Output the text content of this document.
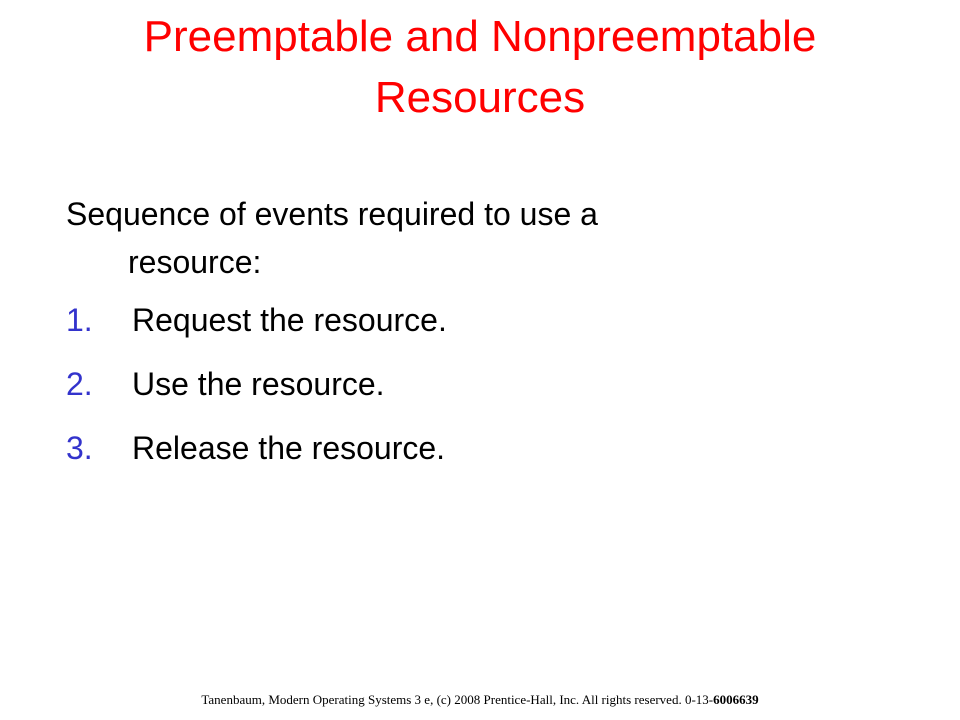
Preemptable and Nonpreemptable
Resources

Sequence of events required to use a
resource:

1.	Request the resource.
2.	Use the resource.
3.	Release the resource.
Tanenbaum, Modern Operating Systems 3 e, (c) 2008 Prentice-Hall, Inc. All rights reserved. 0-13-6006639
